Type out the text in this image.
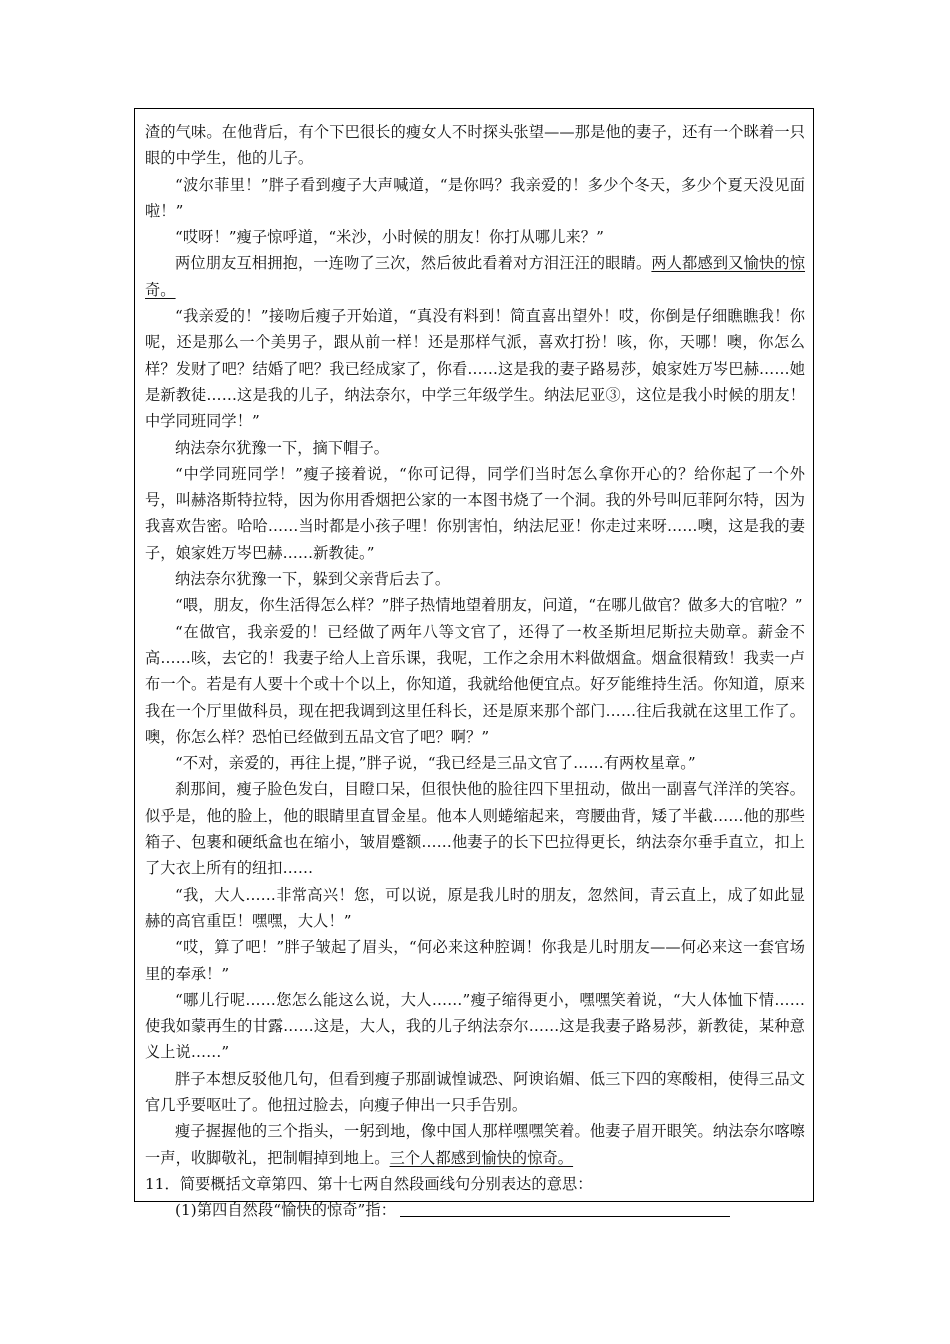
渣的气味。在他背后，有个下巴很长的瘦女人不时探头张望——那是他的妻子，还有一个眯着一只眼的中学生，他的儿子。

“波尔菲里！”胖子看到瘦子大声喊道，“是你吗？我亲爱的！多少个冬天，多少个夏天没见面啦！”

“哎呀！”瘦子惊呼道，“米沙，小时候的朋友！你打从哪儿来？”

两位朋友互相拥抱，一连吻了三次，然后彼此看着对方泪汪汪的眼睛。两人都感到又愉快的惊奇。

“我亲爱的！”接吻后瘦子开始道，“真没有料到！简直喜出望外！哎，你倒是仔细瞧瞧我！你呢，还是那么一个美男子，跟从前一样！还是那样气派，喜欢打扮！咳，你，天哪！噢，你怎么样？发财了吧？结婚了吧？我已经成家了，你看……这是我的妻子路易莎，娘家姓万岑巴赫……她是新教徒……这是我的儿子，纳法奈尔，中学三年级学生。纳法尼亚③，这位是我小时候的朋友！中学同班同学！”

纳法奈尔犹豫一下，摘下帽子。

“中学同班同学！”瘦子接着说，“你可记得，同学们当时怎么拿你开心的？给你起了一个外号，叫赫洛斯特拉特，因为你用香烟把公家的一本图书烧了一个洞。我的外号叫厄菲阿尔特，因为我喜欢告密。哈哈……当时都是小孩子哩！你别害怕，纳法尼亚！你走过来呀……噢，这是我的妻子，娘家姓万岑巴赫……新教徒。”

纳法奈尔犹豫一下，躲到父亲背后去了。

“喂，朋友，你生活得怎么样？”胖子热情地望着朋友，问道，“在哪儿做官？做多大的官啦？”

“在做官，我亲爱的！已经做了两年八等文官了，还得了一枚圣斯坦尼斯拉夫勋章。薪金不高……咳，去它的！我妻子给人上音乐课，我呢，工作之余用木料做烟盒。烟盒很精致！我卖一卢布一个。若是有人要十个或十个以上，你知道，我就给他便宜点。好歹能维持生活。你知道，原来我在一个厅里做科员，现在把我调到这里任科长，还是原来那个部门……往后我就在这里工作了。噢，你怎么样？恐怕已经做到五品文官了吧？啊？”

“不对，亲爱的，再往上提，”胖子说，“我已经是三品文官了……有两枚星章。”

刹那间，瘦子脸色发白，目瞪口呆，但很快他的脸往四下里扭动，做出一副喜气洋洋的笑容。似乎是，他的脸上，他的眼睛里直冒金星。他本人则蜷缩起来，弯腰曲背，矮了半截……他的那些箱子、包裹和硬纸盒也在缩小，皱眉蹙额……他妻子的长下巴拉得更长，纳法奈尔垂手直立，扣上了大衣上所有的纽扣……

“我，大人……非常高兴！您，可以说，原是我儿时的朋友，忽然间，青云直上，成了如此显赫的高官重臣！嘿嘿，大人！”

“哎，算了吧！”胖子皱起了眉头，“何必来这种腔调！你我是儿时朋友——何必来这一套官场里的奉承！”

“哪儿行呢……您怎么能这么说，大人……”瘦子缩得更小，嘿嘿笑着说，“大人体恤下情……使我如蒙再生的甘露……这是，大人，我的儿子纳法奈尔……这是我妻子路易莎，新教徒，某种意义上说……”

胖子本想反驳他几句，但看到瘦子那副诚惶诚恐、阿谀谄媚、低三下四的寒酸相，使得三品文官几乎要呕吐了。他扭过脸去，向瘦子伸出一只手告别。

瘦子握握他的三个指头，一躬到地，像中国人那样嘿嘿笑着。他妻子眉开眼笑。纳法奈尔喀嚓一声，收脚敬礼，把制帽掉到地上。三个人都感到愉快的惊奇。

11．简要概括文章第四、第十七两自然段画线句分别表达的意思：

(1)第四自然段“愉快的惊奇”指：
